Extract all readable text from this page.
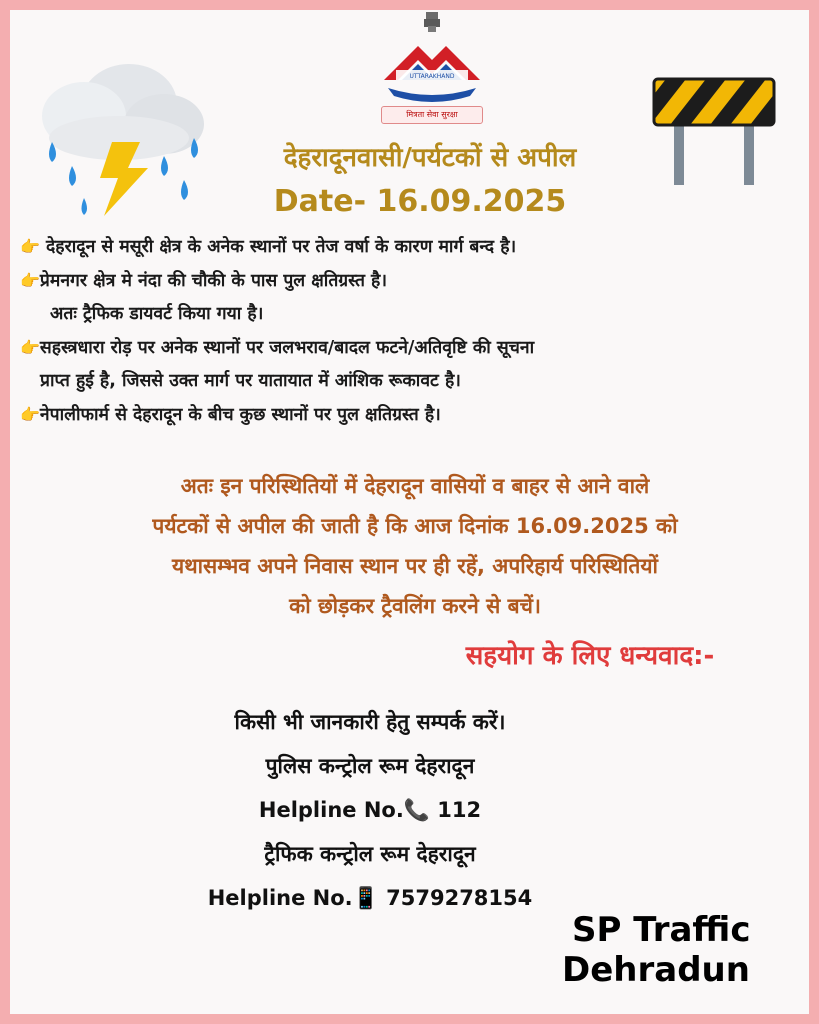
UTTARAKHAND
मित्रता सेवा सुरक्षा
देहरादूनवासी/पर्यटकों से अपील
Date- 16.09.2025
👉 देहरादून से मसूरी क्षेत्र के अनेक स्थानों पर तेज वर्षा के कारण मार्ग बन्द है।
👉प्रेमनगर क्षेत्र मे नंदा की चौकी के पास पुल क्षतिग्रस्त है।
अतः ट्रैफिक डायवर्ट किया गया है।
👉सहस्त्रधारा रोड़ पर अनेक स्थानों पर जलभराव/बादल फटने/अतिवृष्टि की सूचना
प्राप्त हुई है, जिससे उक्त मार्ग पर यातायात में आंशिक रूकावट है।
👉नेपालीफार्म से देहरादून के बीच कुछ स्थानों पर पुल क्षतिग्रस्त है।
अतः इन परिस्थितियों में देहरादून वासियों व बाहर से आने वाले
पर्यटकों से अपील की जाती है कि आज दिनांक 16.09.2025 को
यथासम्भव अपने निवास स्थान पर ही रहें, अपरिहार्य परिस्थितियों
को छोड़कर ट्रैवलिंग करने से बचें।
सहयोग के लिए धन्यवाद:-
किसी भी जानकारी हेतु सम्पर्क करें।
पुलिस कन्ट्रोल रूम देहरादून
Helpline No.📞 112
ट्रैफिक कन्ट्रोल रूम देहरादून
Helpline No.📱 7579278154
SP Traffic
Dehradun
